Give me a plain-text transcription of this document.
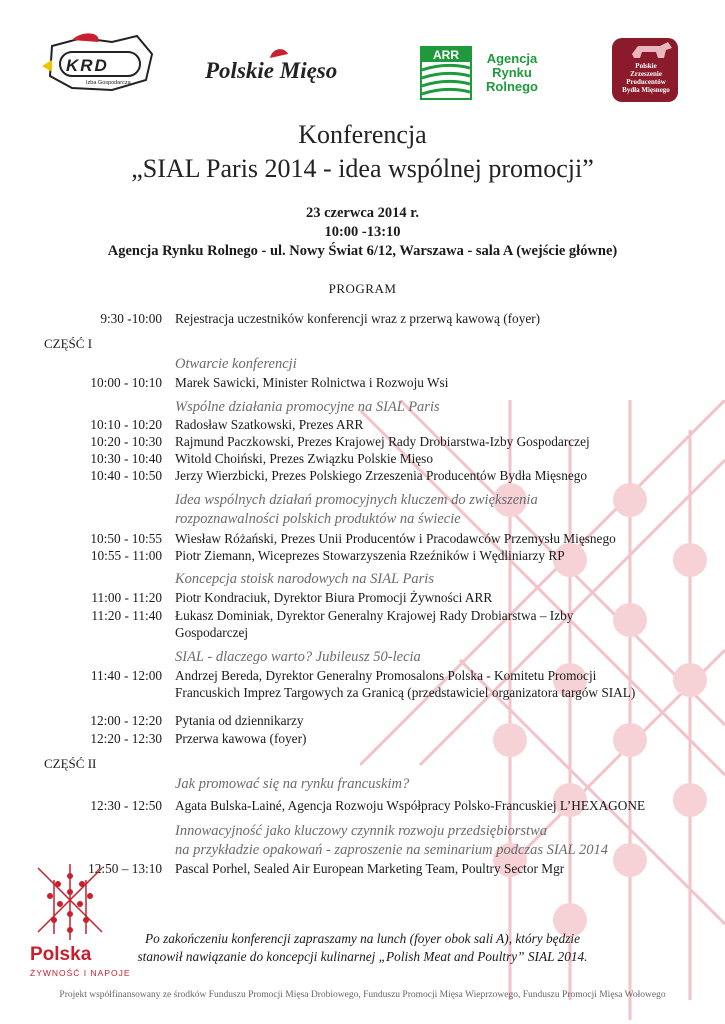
KRD
Izba Gospodarcza	Polskie Mięso
ARR	Agencja
Rynku
Rolnego
Polskie
Zrzeszenie
Producentów
Bydła Mięsnego
Konferencja
„SIAL Paris 2014 - idea wspólnej promocji”
23 czerwca 2014 r.
10:00 -13:10
Agencja Rynku Rolnego - ul. Nowy Świat 6/12, Warszawa - sala A (wejście główne)
PROGRAM
9:30 -10:00 Rejestracja uczestników konferencji wraz z przerwą kawową (foyer)
CZĘŚĆ I
Otwarcie konferencji
10:00 - 10:10 Marek Sawicki, Minister Rolnictwa i Rozwoju Wsi
Wspólne działania promocyjne na SIAL Paris
10:10 - 10:20 Radosław Szatkowski, Prezes ARR
10:20 - 10:30 Rajmund Paczkowski, Prezes Krajowej Rady Drobiarstwa-Izby Gospodarczej
10:30 - 10:40 Witold Choiński, Prezes Związku Polskie Mięso
10:40 - 10:50 Jerzy Wierzbicki, Prezes Polskiego Zrzeszenia Producentów Bydła Mięsnego
Idea wspólnych działań promocyjnych kluczem do zwiększenia
rozpoznawalności polskich produktów na świecie
10:50 - 10:55 Wiesław Różański, Prezes Unii Producentów i Pracodawców Przemysłu Mięsnego
10:55 - 11:00 Piotr Ziemann, Wiceprezes Stowarzyszenia Rzeźników i Wędliniarzy RP
Koncepcja stoisk narodowych na SIAL Paris
11:00 - 11:20 Piotr Kondraciuk, Dyrektor Biura Promocji Żywności ARR
11:20 - 11:40 Łukasz Dominiak, Dyrektor Generalny Krajowej Rady Drobiarstwa – Izby
Gospodarczej
SIAL - dlaczego warto? Jubileusz 50-lecia
11:40 - 12:00 Andrzej Bereda, Dyrektor Generalny Promosalons Polska - Komitetu Promocji
Francuskich Imprez Targowych za Granicą (przedstawiciel organizatora targów SIAL)
12:00 - 12:20 Pytania od dziennikarzy
12:20 - 12:30 Przerwa kawowa (foyer)
CZĘŚĆ II
Jak promować się na rynku francuskim?
12:30 - 12:50 Agata Bulska-Lainé, Agencja Rozwoju Współpracy Polsko-Francuskiej L’HEXAGONE
Innowacyjność jako kluczowy czynnik rozwoju przedsiębiorstwa
na przykładzie opakowań - zaproszenie na seminarium podczas SIAL 2014
12:50 – 13:10 Pascal Porhel, Sealed Air European Marketing Team, Poultry Sector Mgr
Polska
ŻYWNOŚĆ I NAPOJE
Po zakończeniu konferencji zapraszamy na lunch (foyer obok sali A), który będzie
stanowił nawiązanie do koncepcji kulinarnej „Polish Meat and Poultry” SIAL 2014.
Projekt współfinansowany ze środków Funduszu Promocji Mięsa Drobiowego, Funduszu Promocji Mięsa Wieprzowego, Funduszu Promocji Mięsa Wołowego
